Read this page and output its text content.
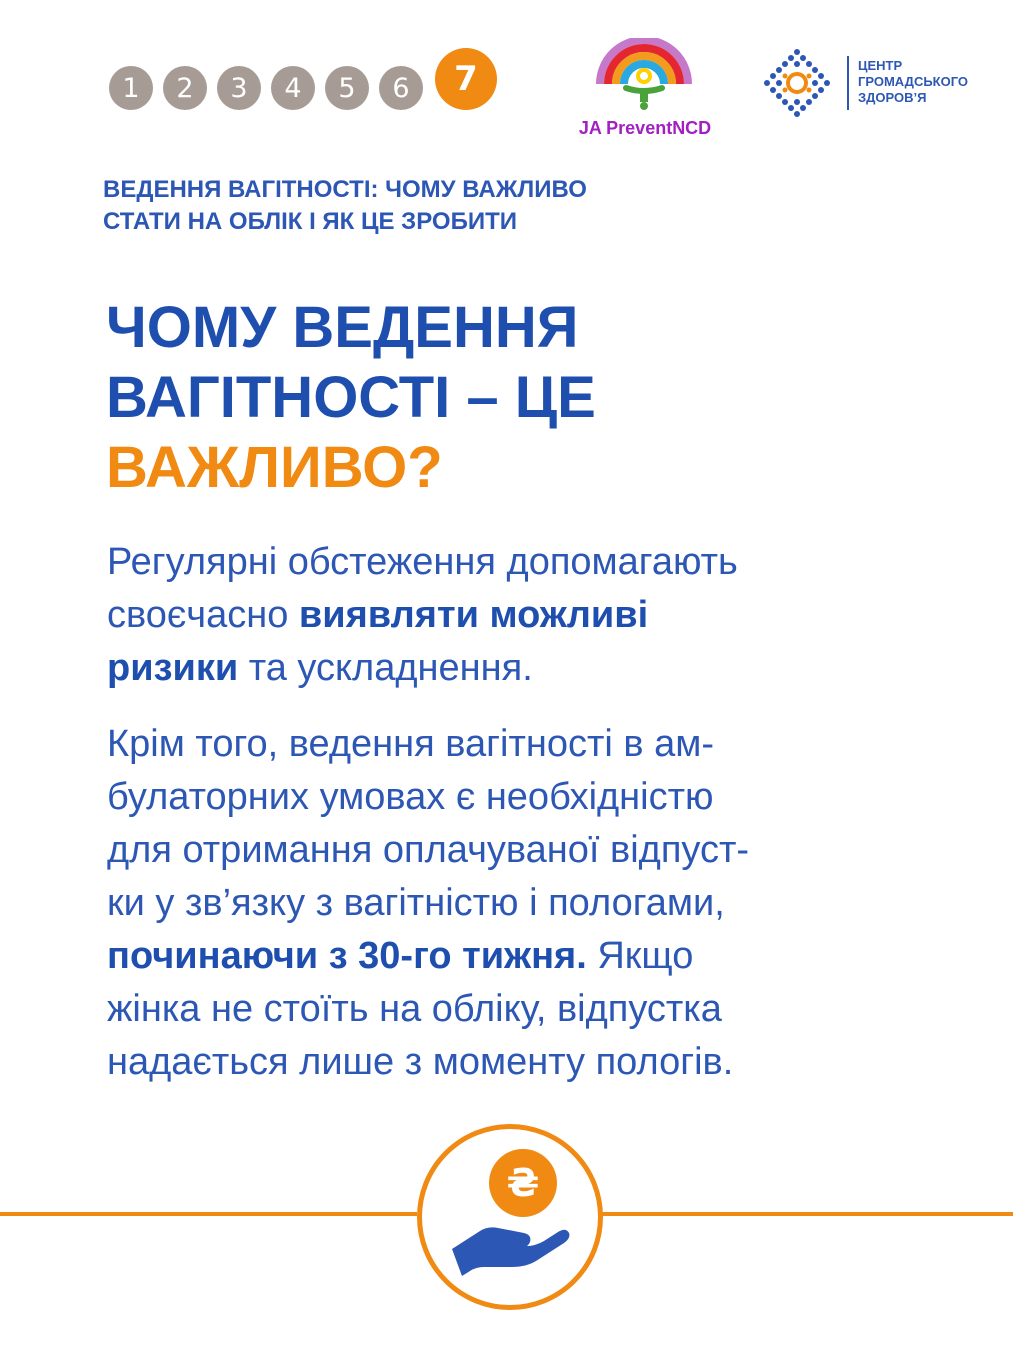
1	2	3	4	5	6	7
JA PreventNCD
ЦЕНТР
ГРОМАДСЬКОГО
ЗДОРОВ’Я
ВЕДЕННЯ ВАГІТНОСТІ: ЧОМУ ВАЖЛИВО
СТАТИ НА ОБЛІК І ЯК ЦЕ ЗРОБИТИ
ЧОМУ ВЕДЕННЯ
ВАГІТНОСТІ – ЦЕ
ВАЖЛИВО?
Регулярні обстеження допомагають
своєчасно виявляти можливі
ризики та ускладнення.
Крім того, ведення вагітності в ам-
булаторних умовах є необхідністю
для отримання оплачуваної відпуст-
ки у зв’язку з вагітністю і пологами,
починаючи з 30-го тижня. Якщо
жінка не стоїть на обліку, відпустка
надається лише з моменту пологів.
₴
